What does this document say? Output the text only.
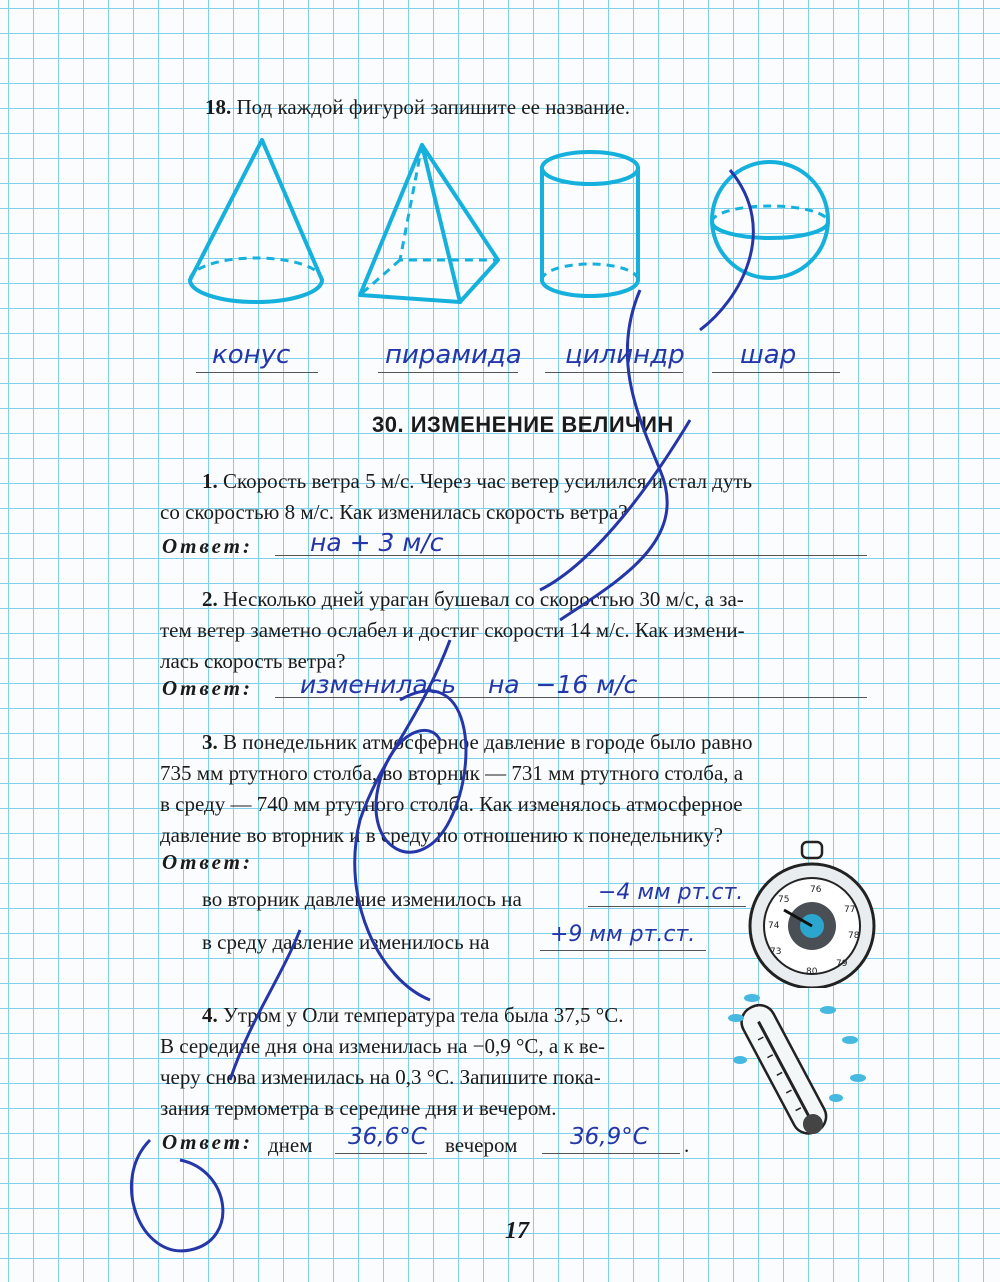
18. Под каждой фигурой запишите ее название.
конус	пирамида цилиндр шар
30. ИЗМЕНЕНИЕ ВЕЛИЧИН
1. Скорость ветра 5 м/с. Через час ветер усилился и стал дуть
со скоростью 8 м/с. Как изменилась скорость ветра?
Ответ: на + 3 м/с
2. Несколько дней ураган бушевал со скоростью 30 м/с, а за-
тем ветер заметно ослабел и достиг скорости 14 м/с. Как измени-
лась скорость ветра?
Ответ: изменилась    на  −16 м/с
3. В понедельник атмосферное давление в городе было равно
735 мм ртутного столба, во вторник — 731 мм ртутного столба, а
в среду — 740 мм ртутного столба. Как изменялось атмосферное
давление во вторник и в среду по отношению к понедельнику?
Ответ:
во вторник давление изменилось на	−4 мм рт.ст.
в среду давление изменилось на	+9 мм рт.ст.
76
77
78
79
80
73
74
75
4. Утром у Оли температура тела была 37,5 °С.
В середине дня она изменилась на −0,9 °С, а к ве-
черу снова изменилась на 0,3 °С. Запишите пока-
зания термометра в середине дня и вечером.
Ответ: днем 36,6°С вечером 36,9°С .
17
